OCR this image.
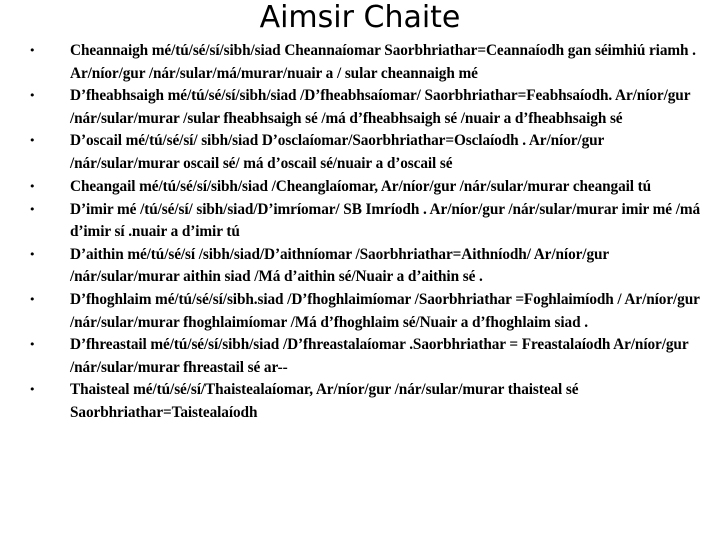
Aimsir Chaite
• Cheannaigh mé/tú/sé/sí/sibh/siad Cheannaíomar Saorbhriathar=Ceannaíodh gan séimhiú riamh . Ar/níor/gur /nár/sular/má/murar/nuair a / sular cheannaigh mé
• D’fheabhsaigh mé/tú/sé/sí/sibh/siad /D’fheabhsaíomar/ Saorbhriathar=Feabhsaíodh. Ar/níor/gur /nár/sular/murar /sular fheabhsaigh sé /má d’fheabhsaigh sé /nuair a d’fheabhsaigh sé
• D’oscail mé/tú/sé/sí/ sibh/siad D’osclaíomar/Saorbhriathar=Osclaíodh . Ar/níor/gur /nár/sular/murar oscail sé/ má d’oscail sé/nuair a d’oscail sé
• Cheangail mé/tú/sé/sí/sibh/siad /Cheanglaíomar, Ar/níor/gur /nár/sular/murar cheangail tú
• D’imir mé /tú/sé/sí/ sibh/siad/D’imríomar/ SB Imríodh . Ar/níor/gur /nár/sular/murar imir mé /má d’imir sí .nuair a d’imir tú
• D’aithin mé/tú/sé/sí /sibh/siad/D’aithníomar /Saorbhriathar=Aithníodh/ Ar/níor/gur /nár/sular/murar aithin siad /Má d’aithin sé/Nuair a d’aithin sé .
• D’fhoghlaim mé/tú/sé/sí/sibh.siad /D’fhoghlaimíomar /Saorbhriathar =Foghlaimíodh / Ar/níor/gur /nár/sular/murar fhoghlaimíomar /Má d’fhoghlaim sé/Nuair a d’fhoghlaim siad .
• D’fhreastail mé/tú/sé/sí/sibh/siad /D’fhreastalaíomar .Saorbhriathar = Freastalaíodh Ar/níor/gur /nár/sular/murar fhreastail sé ar--
• Thaisteal mé/tú/sé/sí/Thaistealaíomar, Ar/níor/gur /nár/sular/murar thaisteal sé Saorbhriathar=Taistealaíodh
